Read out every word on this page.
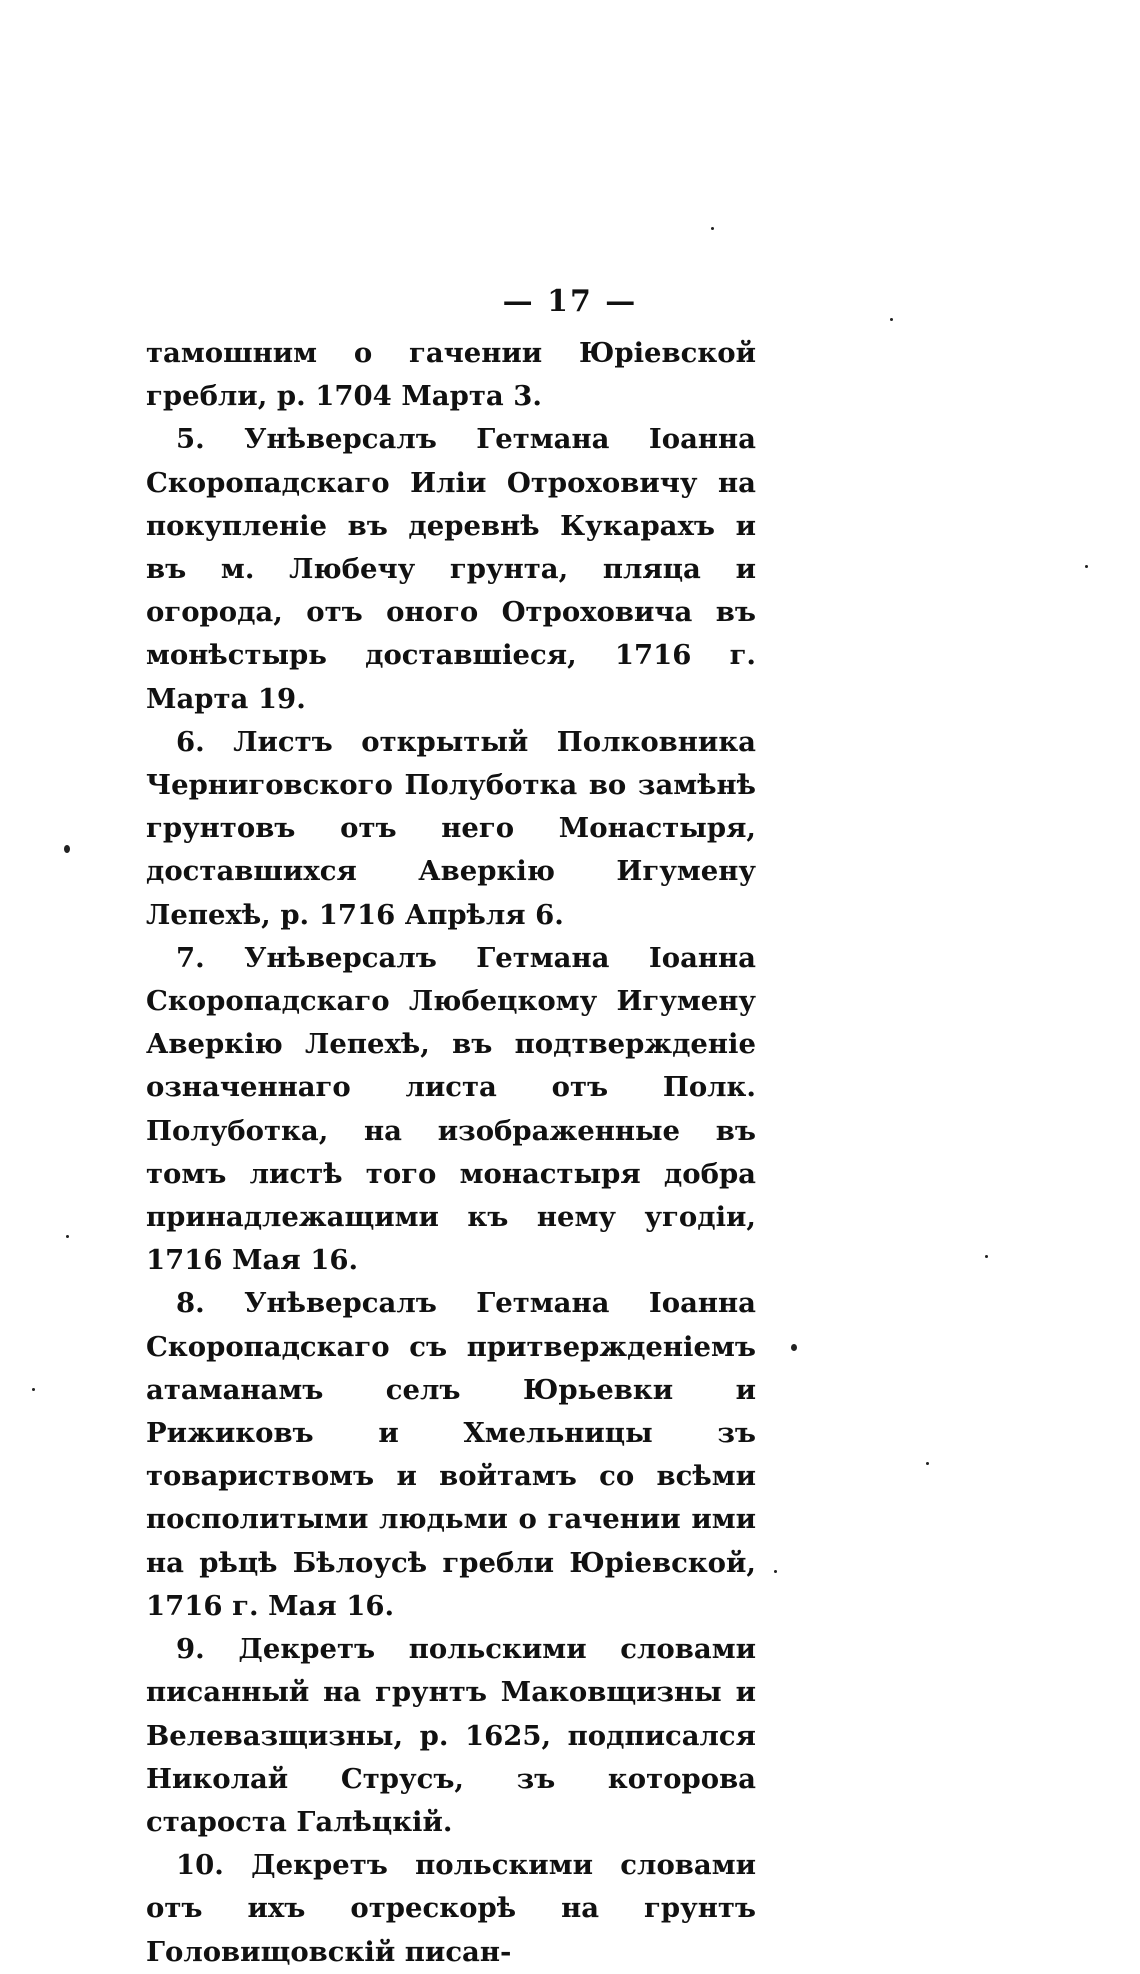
— 17 —

тамошним о гачении Юріевской гребли, р. 1704 Марта 3.

5. Унѣверсалъ Гетмана Іоанна Скоропадскаго Иліи Отроховичу на покупленіе въ деревнѣ Кукарахъ и въ м. Любечу грунта, пляца и огорода, отъ оного Отроховича въ монѣстырь доставшіеся, 1716 г. Марта 19.

6. Листъ открытый Полковника Черниговского Полуботка во замѣнѣ грунтовъ отъ него Монастыря, доставшихся Аверкію Игумену Лепехѣ, р. 1716 Апрѣля 6.

7. Унѣверсалъ Гетмана Іоанна Скоропадскаго Любецкому Игумену Аверкію Лепехѣ, въ подтвержденіе означеннаго листа отъ Полк. Полуботка, на изображенные въ томъ листѣ того монастыря добра принадлежащими къ нему угодіи, 1716 Мая 16.

8. Унѣверсалъ Гетмана Іоанна Скоропадскаго съ притвержденіемъ атаманамъ селъ Юрьевки и Рижиковъ и Хмельницы зъ товариствомъ и войтамъ со всѣми посполитыми людьми о гачении ими на рѣцѣ Бѣлоусѣ гребли Юріевской, 1716 г. Мая 16.

9. Декретъ польскими словами писанный на грунтъ Маковщизны и Велевазщизны, р. 1625, подписался Николай Струсъ, зъ которова староста Галѣцкій.

10. Декретъ польскими словами отъ ихъ отрескорѣ на грунтъ Головищовскій писан-
